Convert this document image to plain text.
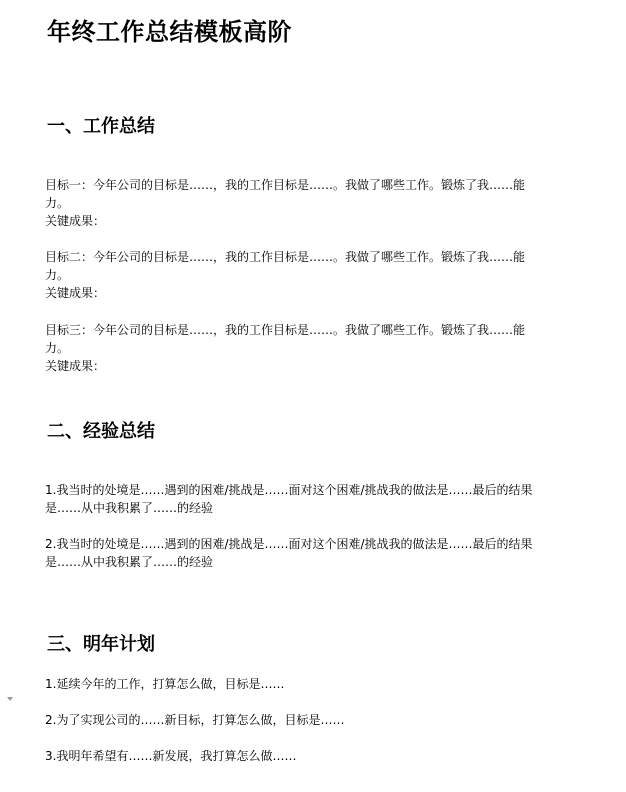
年终工作总结模板高阶
一、工作总结
目标一：今年公司的目标是……，我的工作目标是……。我做了哪些工作。锻炼了我……能力。
关键成果：
目标二：今年公司的目标是……，我的工作目标是……。我做了哪些工作。锻炼了我……能力。
关键成果：
目标三：今年公司的目标是……，我的工作目标是……。我做了哪些工作。锻炼了我……能力。
关键成果：
二、经验总结
1.我当时的处境是……遇到的困难/挑战是……面对这个困难/挑战我的做法是……最后的结果是……从中我积累了……的经验
2.我当时的处境是……遇到的困难/挑战是……面对这个困难/挑战我的做法是……最后的结果是……从中我积累了……的经验
三、明年计划
1.延续今年的工作，打算怎么做，目标是……
2.为了实现公司的……新目标，打算怎么做，目标是……
3.我明年希望有……新发展，我打算怎么做……
